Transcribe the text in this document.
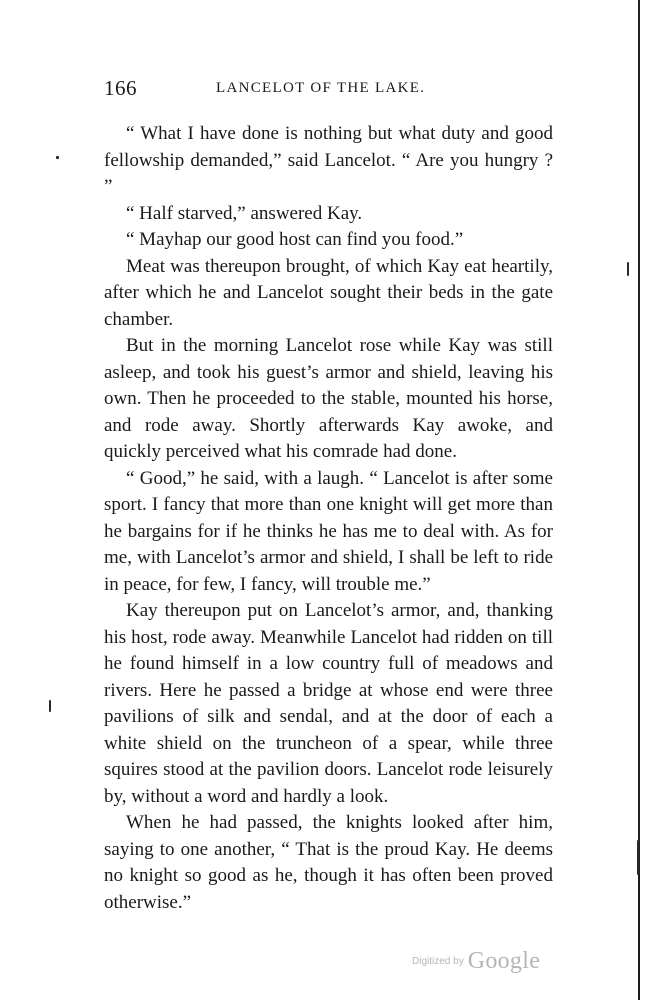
166	LANCELOT OF THE LAKE.

“ What I have done is nothing but what duty and good fellowship demanded,” said Lancelot. “ Are you hungry ? ”

“ Half starved,” answered Kay.

“ Mayhap our good host can find you food.”

Meat was thereupon brought, of which Kay eat heartily, after which he and Lancelot sought their beds in the gate chamber.

But in the morning Lancelot rose while Kay was still asleep, and took his guest’s armor and shield, leaving his own. Then he proceeded to the stable, mounted his horse, and rode away. Shortly afterwards Kay awoke, and quickly perceived what his comrade had done.

“ Good,” he said, with a laugh. “ Lancelot is after some sport. I fancy that more than one knight will get more than he bargains for if he thinks he has me to deal with. As for me, with Lancelot’s armor and shield, I shall be left to ride in peace, for few, I fancy, will trouble me.”

Kay thereupon put on Lancelot’s armor, and, thanking his host, rode away. Meanwhile Lancelot had ridden on till he found himself in a low country full of meadows and rivers. Here he passed a bridge at whose end were three pavilions of silk and sendal, and at the door of each a white shield on the truncheon of a spear, while three squires stood at the pavilion doors. Lancelot rode leisurely by, without a word and hardly a look.

When he had passed, the knights looked after him, saying to one another, “ That is the proud Kay. He deems no knight so good as he, though it has often been proved otherwise.”

Digitized by Google
